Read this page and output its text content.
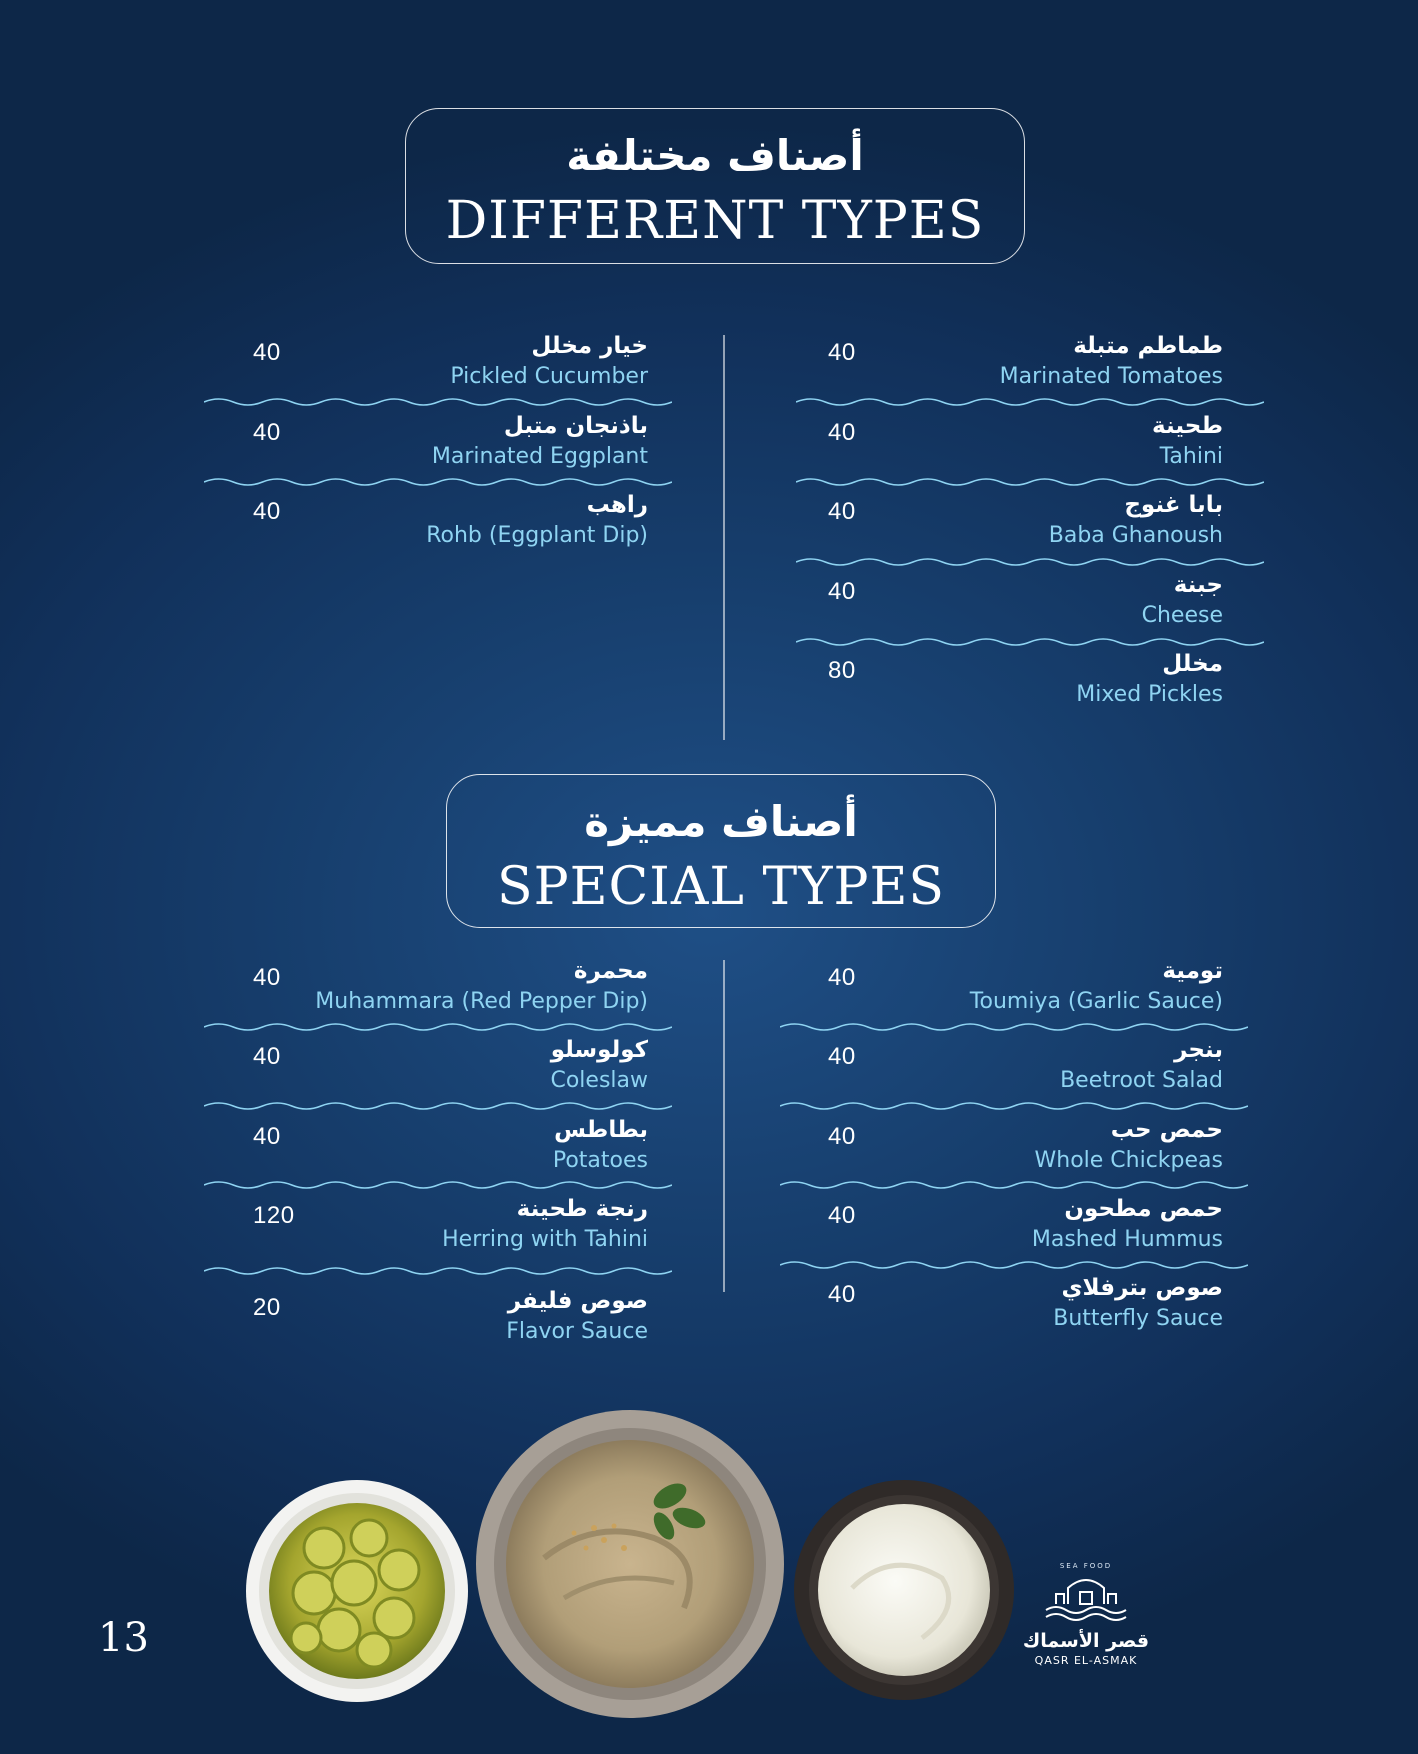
أصناف مختلفة
DIFFERENT TYPES
40	طماطم متبلة
Marinated Tomatoes
40	طحينة
Tahini
40	بابا غنوج
Baba Ghanoush
40	جبنة
Cheese
80	مخلل
Mixed Pickles
40	خيار مخلل
Pickled Cucumber
40	باذنجان متبل
Marinated Eggplant
40	راهب
Rohb (Eggplant Dip)
أصناف مميزة
SPECIAL TYPES
40	تومية
Toumiya (Garlic Sauce)
40	بنجر
Beetroot Salad
40	حمص حب
Whole Chickpeas
40	حمص مطحون
Mashed Hummus
40	صوص بترفلاي
Butterfly Sauce
40	محمرة
Muhammara (Red Pepper Dip)
40	كولوسلو
Coleslaw
40	بطاطس
Potatoes
120	رنجة طحينة
Herring with Tahini
20	صوص فليفر
Flavor Sauce
13
SEA FOOD
قصر الأسماك
QASR EL-ASMAK
